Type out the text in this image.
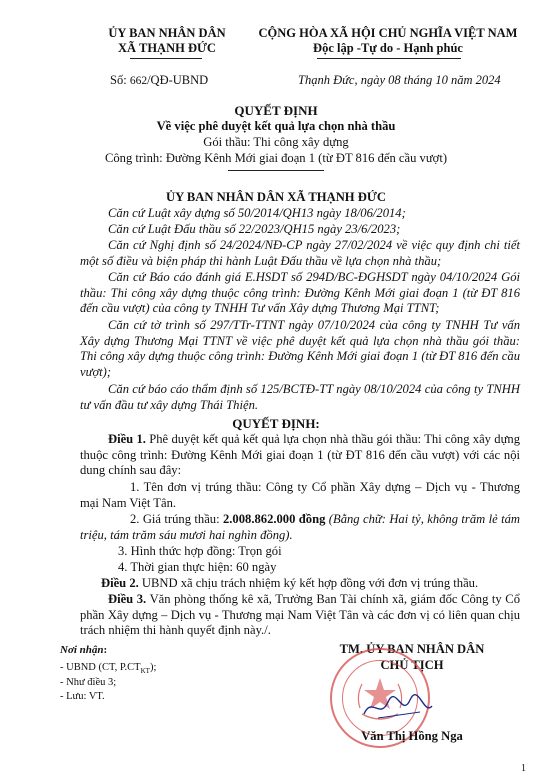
ỦY BAN NHÂN DÂN
XÃ THẠNH ĐỨC
CỘNG HÒA XÃ HỘI CHỦ NGHĨA VIỆT NAM
Độc lập -Tự do - Hạnh phúc
Số: 662/QĐ-UBND	Thạnh Đức, ngày 08 tháng 10 năm 2024
QUYẾT ĐỊNH
Về việc phê duyệt kết quả lựa chọn nhà thầu
Gói thầu: Thi công xây dựng
Công trình: Đường Kênh Mới giai đoạn 1 (từ ĐT 816 đến cầu vượt)
ỦY BAN NHÂN DÂN XÃ THẠNH ĐỨC
Căn cứ Luật xây dựng số 50/2014/QH13 ngày 18/06/2014;
Căn cứ Luật Đấu thầu số 22/2023/QH15 ngày 23/6/2023;
Căn cứ Nghị định số 24/2024/NĐ-CP ngày 27/02/2024 về việc quy định chi tiết một số điều và biện pháp thi hành Luật Đấu thầu về lựa chọn nhà thầu;
Căn cứ Báo cáo đánh giá E.HSDT số 294D/BC-ĐGHSDT ngày 04/10/2024 Gói thầu: Thi công xây dựng thuộc công trình: Đường Kênh Mới giai đoạn 1 (từ ĐT 816 đến cầu vượt) của công ty TNHH Tư vấn Xây dựng Thương Mại TTNT;
Căn cứ tờ trình số 297/TTr-TTNT ngày 07/10/2024 của công ty TNHH Tư vấn Xây dựng Thương Mại TTNT về việc phê duyệt kết quả lựa chọn nhà thầu gói thầu: Thi công xây dựng thuộc công trình: Đường Kênh Mới giai đoạn 1 (từ ĐT 816 đến cầu vượt);
Căn cứ báo cáo thẩm định số 125/BCTĐ-TT ngày 08/10/2024 của công ty TNHH tư vấn đầu tư xây dựng Thái Thiện.
QUYẾT ĐỊNH:
Điều 1. Phê duyệt kết quả kết quả lựa chọn nhà thầu gói thầu: Thi công xây dựng thuộc công trình: Đường Kênh Mới giai đoạn 1 (từ ĐT 816 đến cầu vượt) với các nội dung chính sau đây:
1. Tên đơn vị trúng thầu: Công ty Cổ phần Xây dựng – Dịch vụ - Thương mại Nam Việt Tân.
2. Giá trúng thầu: 2.008.862.000 đồng (Bằng chữ: Hai tỷ, không trăm lẻ tám triệu, tám trăm sáu mươi hai nghìn đồng).
3. Hình thức hợp đồng: Trọn gói
4. Thời gian thực hiện: 60 ngày
Điều 2. UBND xã chịu trách nhiệm ký kết hợp đồng với đơn vị trúng thầu.
Điều 3. Văn phòng thống kê xã, Trưởng Ban Tài chính xã, giám đốc Công ty Cổ phần Xây dựng – Dịch vụ - Thương mại Nam Việt Tân và các đơn vị có liên quan chịu trách nhiệm thi hành quyết định này./.
Nơi nhận:
- UBND (CT, $P.CT_{KT}$);
- Như điều 3;
- Lưu: VT.
TM. ỦY BAN NHÂN DÂN
CHỦ TỊCH
Văn Thị Hồng Nga
1
